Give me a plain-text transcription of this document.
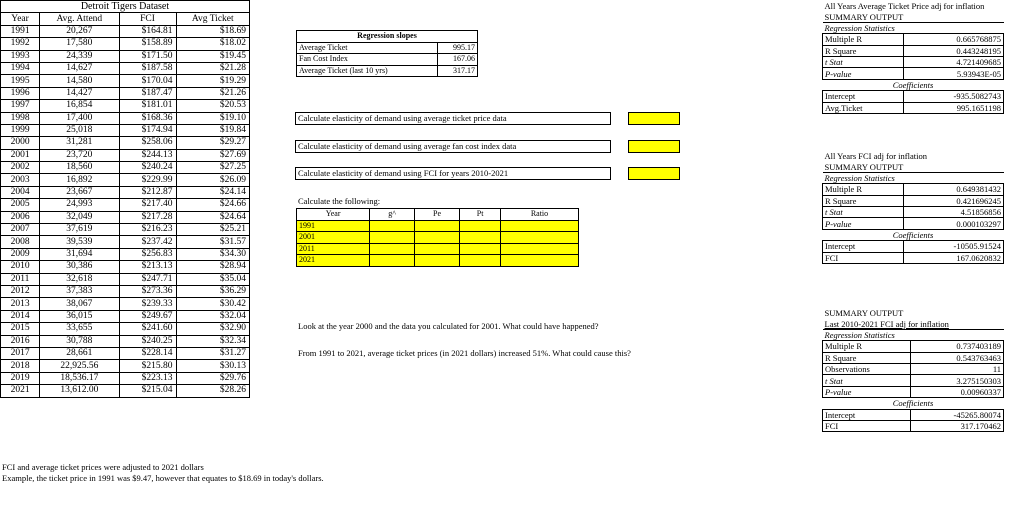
Detroit Tigers Dataset			
Year	Avg. Attend	FCI	Avg Ticket
1991	20,267	$164.81	$18.69
1992	17,580	$158.89	$18.02
1993	24,339	$171.50	$19.45
1994	14,627	$187.58	$21.28
1995	14,580	$170.04	$19.29
1996	14,427	$187.47	$21.26
1997	16,854	$181.01	$20.53
1998	17,400	$168.36	$19.10
1999	25,018	$174.94	$19.84
2000	31,281	$258.06	$29.27
2001	23,720	$244.13	$27.69
2002	18,560	$240.24	$27.25
2003	16,892	$229.99	$26.09
2004	23,667	$212.87	$24.14
2005	24,993	$217.40	$24.66
2006	32,049	$217.28	$24.64
2007	37,619	$216.23	$25.21
2008	39,539	$237.42	$31.57
2009	31,694	$256.83	$34.30
2010	30,386	$213.13	$28.94
2011	32,618	$247.71	$35.04
2012	37,383	$273.36	$36.29
2013	38,067	$239.33	$30.42
2014	36,015	$249.67	$32.04
2015	33,655	$241.60	$32.90
2016	30,788	$240.25	$32.34
2017	28,661	$228.14	$31.27
2018	22,925.56	$215.80	$30.13
2019	18,536.17	$223.13	$29.76
2021	13,612.00	$215.04	$28.26
FCI and average ticket prices were adjusted to 2021 dollars
Example, the ticket price in 1991 was $9.47, however that equates to $18.69 in today's dollars.
Regression slopes	
Average Ticket	995.17
Fan Cost Index	167.06
Average Ticket (last 10 yrs)	317.17
Calculate elasticity of demand using average ticket price data
Calculate elasticity of demand using average fan cost index data
Calculate elasticity of demand using FCI for years 2010-2021
Calculate the following:
Year	g^	Pe	Pt	Ratio
1991				
2001				
2011				
2021				
Look at the year 2000 and the data you calculated for 2001. What could have happened?
From 1991 to 2021, average ticket prices (in 2021 dollars) increased 51%. What could cause this?
All Years Average Ticket Price adj for inflation	
SUMMARY OUTPUT	
Regression Statistics	
Multiple R	0.665768875
R Square	0.443248195
t Stat	4.721409685
P-value	5.93943E-05
Coefficients	
Intercept	-935.5082743
Avg.Ticket	995.1651198
All Years FCI adj for inflation	
SUMMARY OUTPUT	
Regression Statistics	
Multiple R	0.649381432
R Square	0.421696245
t Stat	4.51856856
P-value	0.000103297
Coefficients	
Intercept	-10505.91524
FCI	167.0620832
SUMMARY OUTPUT	
Last 2010-2021 FCI adj for inflation	
Regression Statistics	
Multiple R	0.737403189
R Square	0.543763463
Observations	11
t Stat	3.275150303
P-value	0.00960337
Coefficients	
Intercept	-45265.80074
FCI	317.170462
